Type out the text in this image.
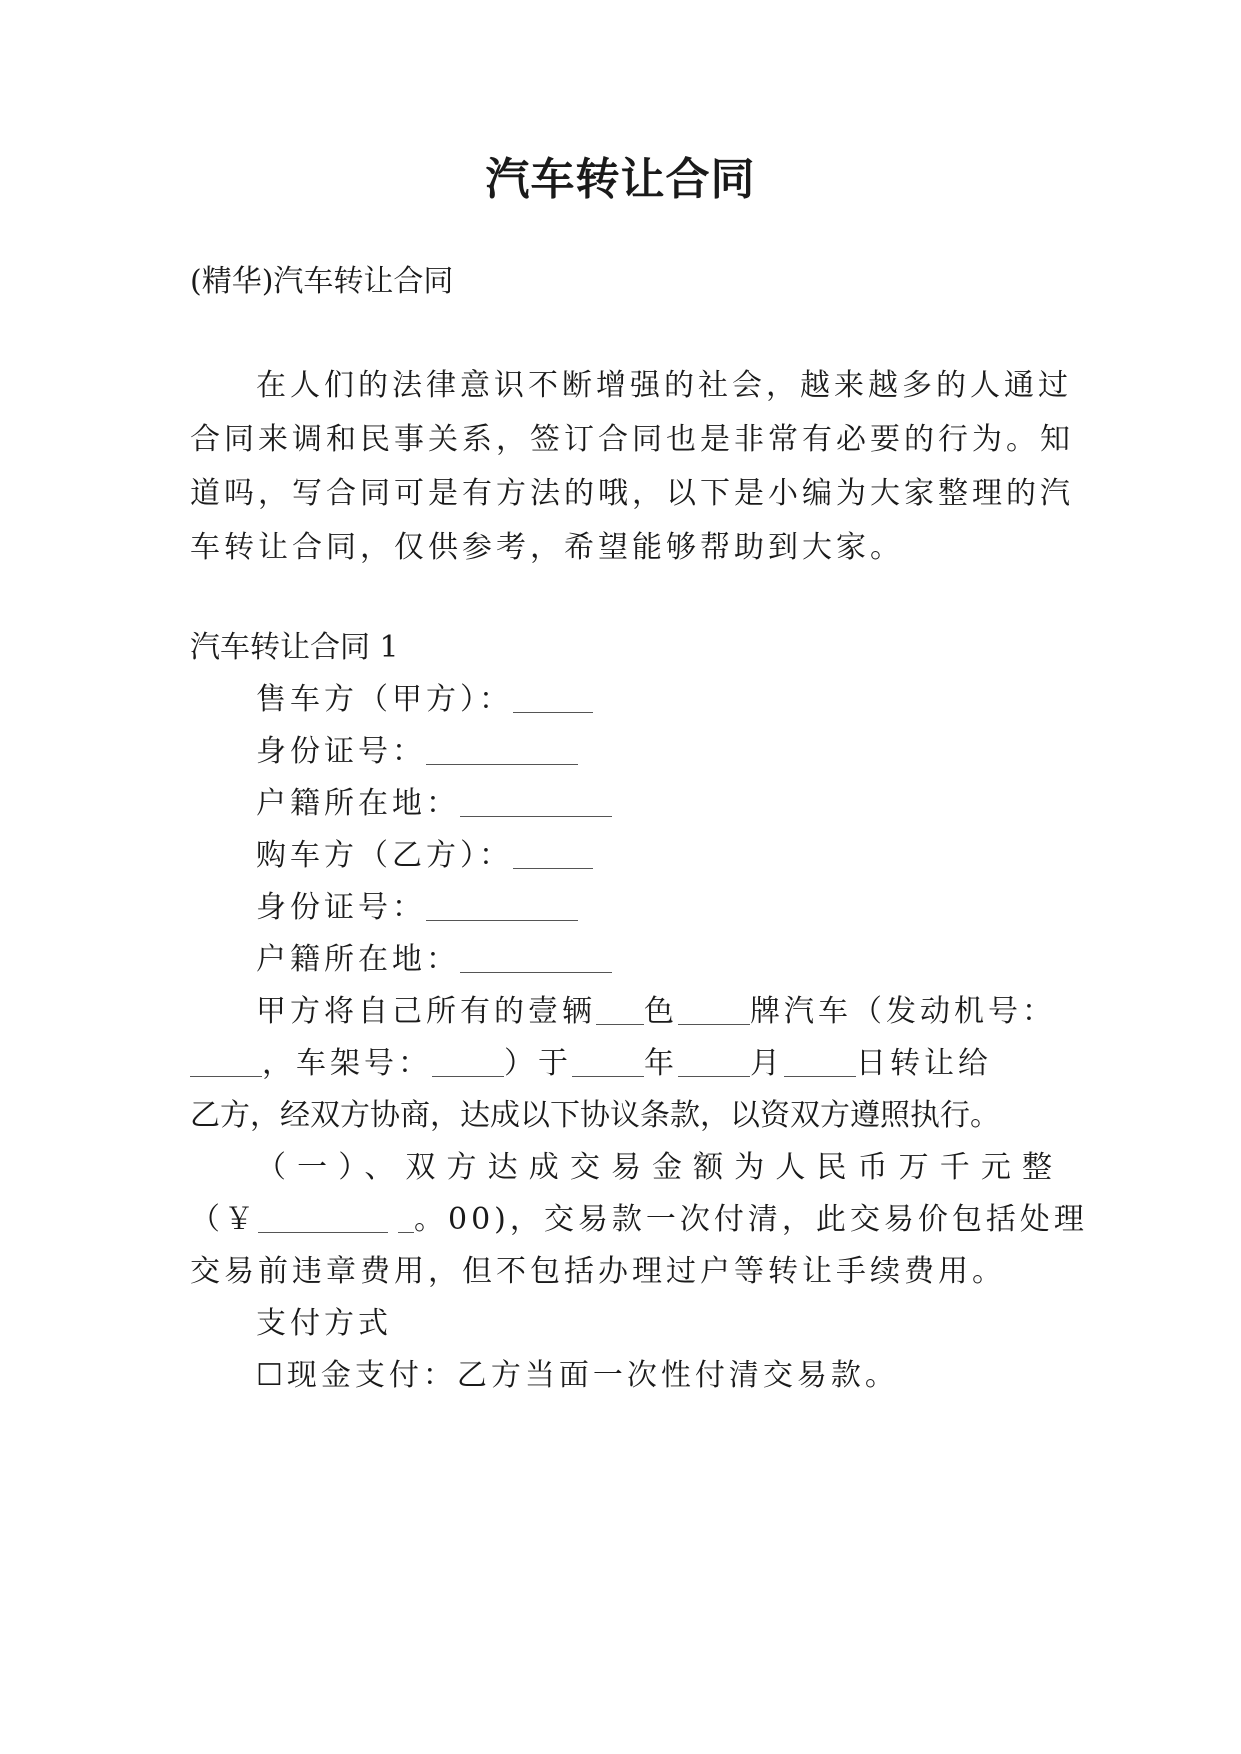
汽车转让合同
(精华)汽车转让合同
在人们的法律意识不断增强的社会，越来越多的人通过
合同来调和民事关系，签订合同也是非常有必要的行为。知
道吗，写合同可是有方法的哦，以下是小编为大家整理的汽
车转让合同，仅供参考，希望能够帮助到大家。
汽车转让合同 1
售车方（甲方）：
身份证号：
户籍所在地：
购车方（乙方）：
身份证号：
户籍所在地：
甲方将自己所有的壹辆 色 牌汽车（发动机号：
，车架号： ）于 年 月 日转让给
乙方，经双方协商，达成以下协议条款，以资双方遵照执行。
（一）、双方达成交易金额为人民币万千元整
（￥	。00)，交易款一次付清，此交易价包括处理
交易前违章费用，但不包括办理过户等转让手续费用。
支付方式
☐现金支付：乙方当面一次性付清交易款。
